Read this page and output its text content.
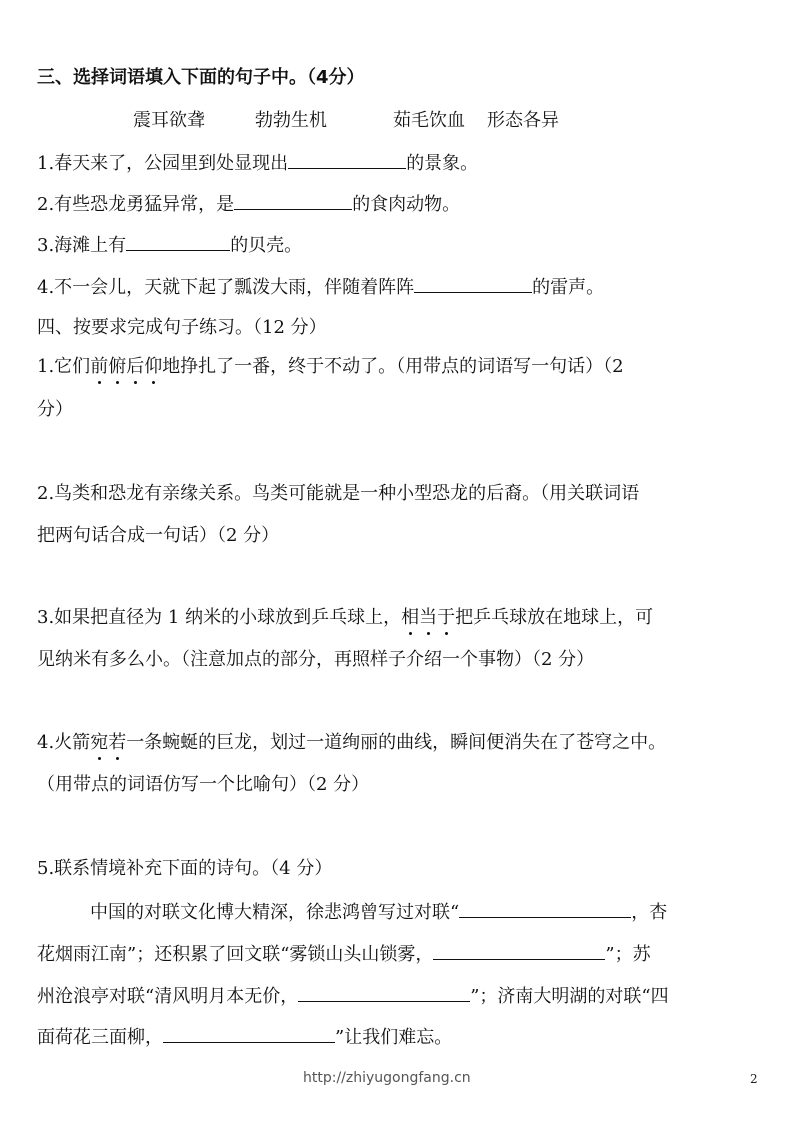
三、选择词语填入下面的句子中。（4分）
震耳欲聋	勃勃生机	茹毛饮血 形态各异
1.春天来了，公园里到处显现出	的景象。
2.有些恐龙勇猛异常，是	的食肉动物。
3.海滩上有	的贝壳。
4.不一会儿，天就下起了瓢泼大雨，伴随着阵阵	的雷声。
四、按要求完成句子练习。（12 分）
1.它们前俯后仰地挣扎了一番，终于不动了。（用带点的词语写一句话）（2
分）
2.鸟类和恐龙有亲缘关系。鸟类可能就是一种小型恐龙的后裔。（用关联词语
把两句话合成一句话）（2 分）
3.如果把直径为 1 纳米的小球放到乒乓球上，相当于把乒乓球放在地球上，可
见纳米有多么小。（注意加点的部分，再照样子介绍一个事物）（2 分）
4.火箭宛若一条蜿蜒的巨龙，划过一道绚丽的曲线，瞬间便消失在了苍穹之中。
（用带点的词语仿写一个比喻句）（2 分）
5.联系情境补充下面的诗句。（4 分）
中国的对联文化博大精深，徐悲鸿曾写过对联“	，杏
花烟雨江南”；还积累了回文联“雾锁山头山锁雾，	”；苏
州沧浪亭对联“清风明月本无价，	”；济南大明湖的对联“四
面荷花三面柳，	”让我们难忘。
http://zhiyugongfang.cn	2
